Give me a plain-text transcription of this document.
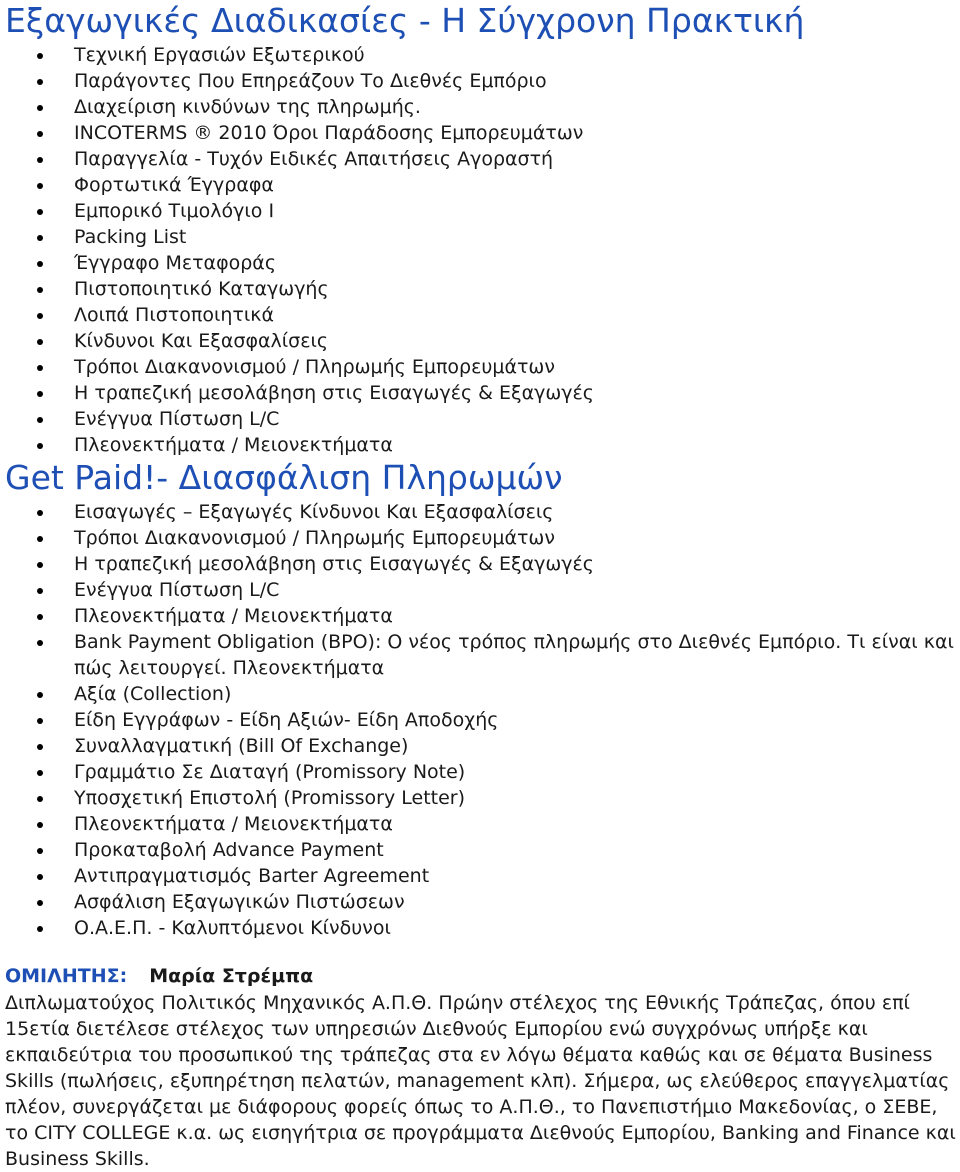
Εξαγωγικές Διαδικασίες - Η Σύγχρονη Πρακτική
Τεχνική Εργασιών Εξωτερικού
Παράγοντες Που Επηρεάζουν Το Διεθνές Εμπόριο
Διαχείριση κινδύνων της πληρωμής.
INCOTERMS ® 2010 Όροι Παράδοσης Εμπορευμάτων
Παραγγελία - Τυχόν Ειδικές Απαιτήσεις Αγοραστή
Φορτωτικά Έγγραφα
Εμπορικό Τιμολόγιο Ι
Packing List
Έγγραφο Μεταφοράς
Πιστοποιητικό Καταγωγής
Λοιπά Πιστοποιητικά
Κίνδυνοι Και Εξασφαλίσεις
Τρόποι Διακανονισμού / Πληρωμής Εμπορευμάτων
Η τραπεζική μεσολάβηση στις Εισαγωγές & Εξαγωγές
Ενέγγυα Πίστωση L/C
Πλεονεκτήματα / Μειονεκτήματα
Get Paid!- Διασφάλιση Πληρωμών
Εισαγωγές – Εξαγωγές Κίνδυνοι Και Εξασφαλίσεις
Τρόποι Διακανονισμού / Πληρωμής Εμπορευμάτων
Η τραπεζική μεσολάβηση στις Εισαγωγές & Εξαγωγές
Ενέγγυα Πίστωση L/C
Πλεονεκτήματα / Μειονεκτήματα
Bank Payment Obligation (BPO): Ο νέος τρόπος πληρωμής στο Διεθνές Εμπόριο. Τι είναι και πώς λειτουργεί. Πλεονεκτήματα
Αξία (Collection)
Είδη Εγγράφων - Είδη Αξιών- Είδη Αποδοχής
Συναλλαγματική (Bill Of Exchange)
Γραμμάτιο Σε Διαταγή (Promissory Note)
Υποσχετική Επιστολή (Promissory Letter)
Πλεονεκτήματα / Μειονεκτήματα
Προκαταβολή Advance Payment
Αντιπραγματισμός Barter Agreement
Ασφάλιση Εξαγωγικών Πιστώσεων
Ο.Α.Ε.Π. - Καλυπτόμενοι Κίνδυνοι
ΟΜΙΛΗΤΗΣ: Μαρία Στρέμπα

Διπλωματούχος Πολιτικός Μηχανικός Α.Π.Θ. Πρώην στέλεχος της Εθνικής Τράπεζας, όπου επί 15ετία διετέλεσε στέλεχος των υπηρεσιών Διεθνούς Εμπορίου ενώ συγχρόνως υπήρξε και εκπαιδεύτρια του προσωπικού της τράπεζας στα εν λόγω θέματα καθώς και σε θέματα Business Skills (πωλήσεις, εξυπηρέτηση πελατών, management κλπ). Σήμερα, ως ελεύθερος επαγγελματίας πλέον, συνεργάζεται με διάφορους φορείς όπως το Α.Π.Θ., το Πανεπιστήμιο Μακεδονίας, ο ΣΕΒΕ, το CITY COLLEGE κ.α. ως εισηγήτρια σε προγράμματα Διεθνούς Εμπορίου, Banking and Finance και Business Skills.
